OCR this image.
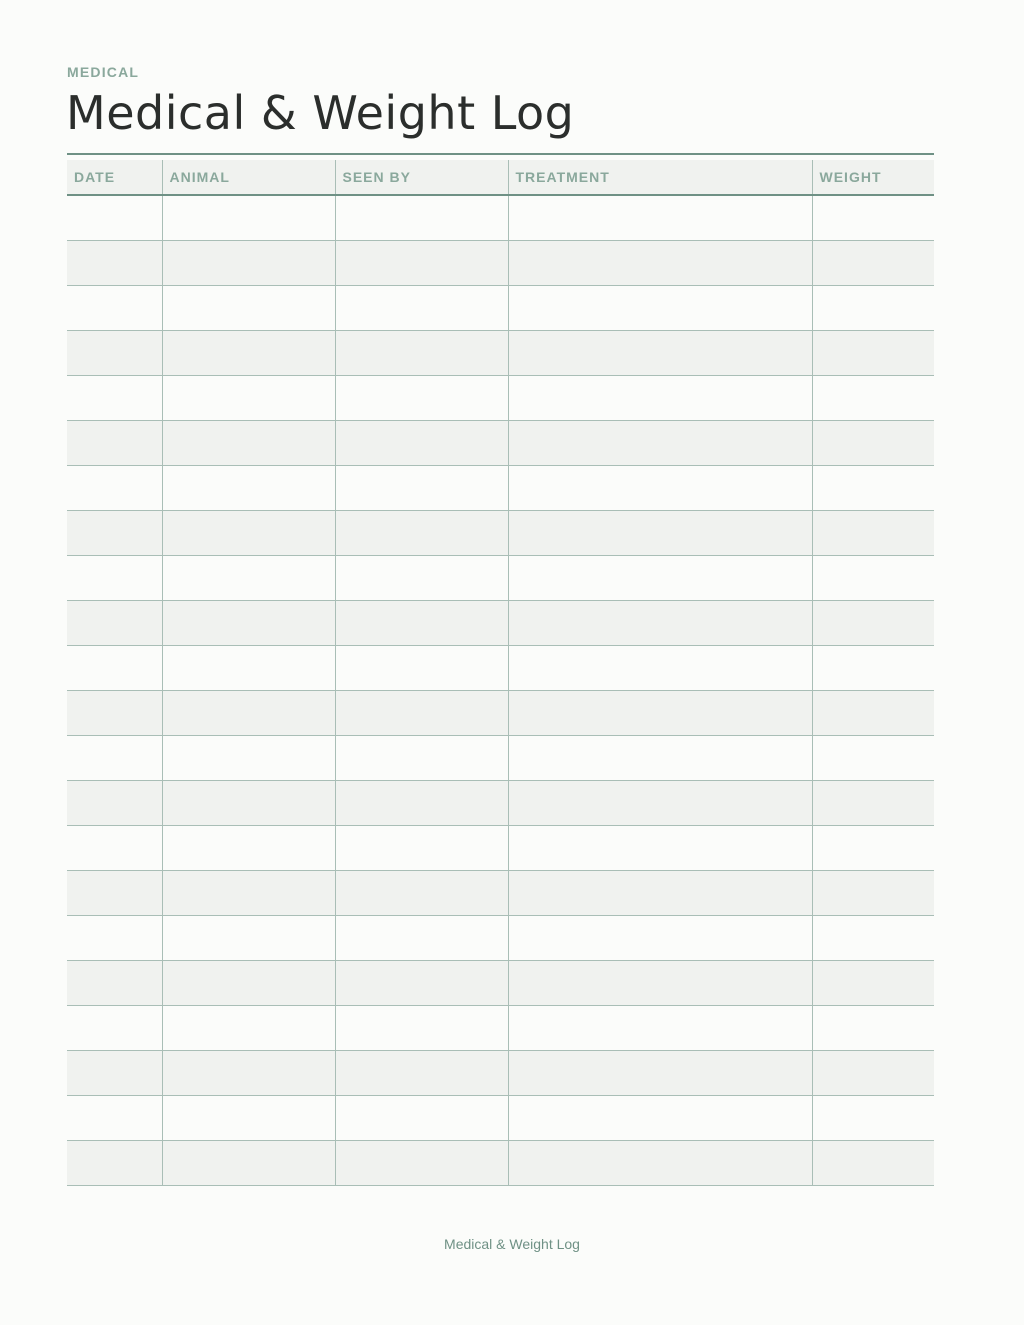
MEDICAL
Medical & Weight Log
DATE	ANIMAL	SEEN BY	TREATMENT	WEIGHT

Medical & Weight Log
